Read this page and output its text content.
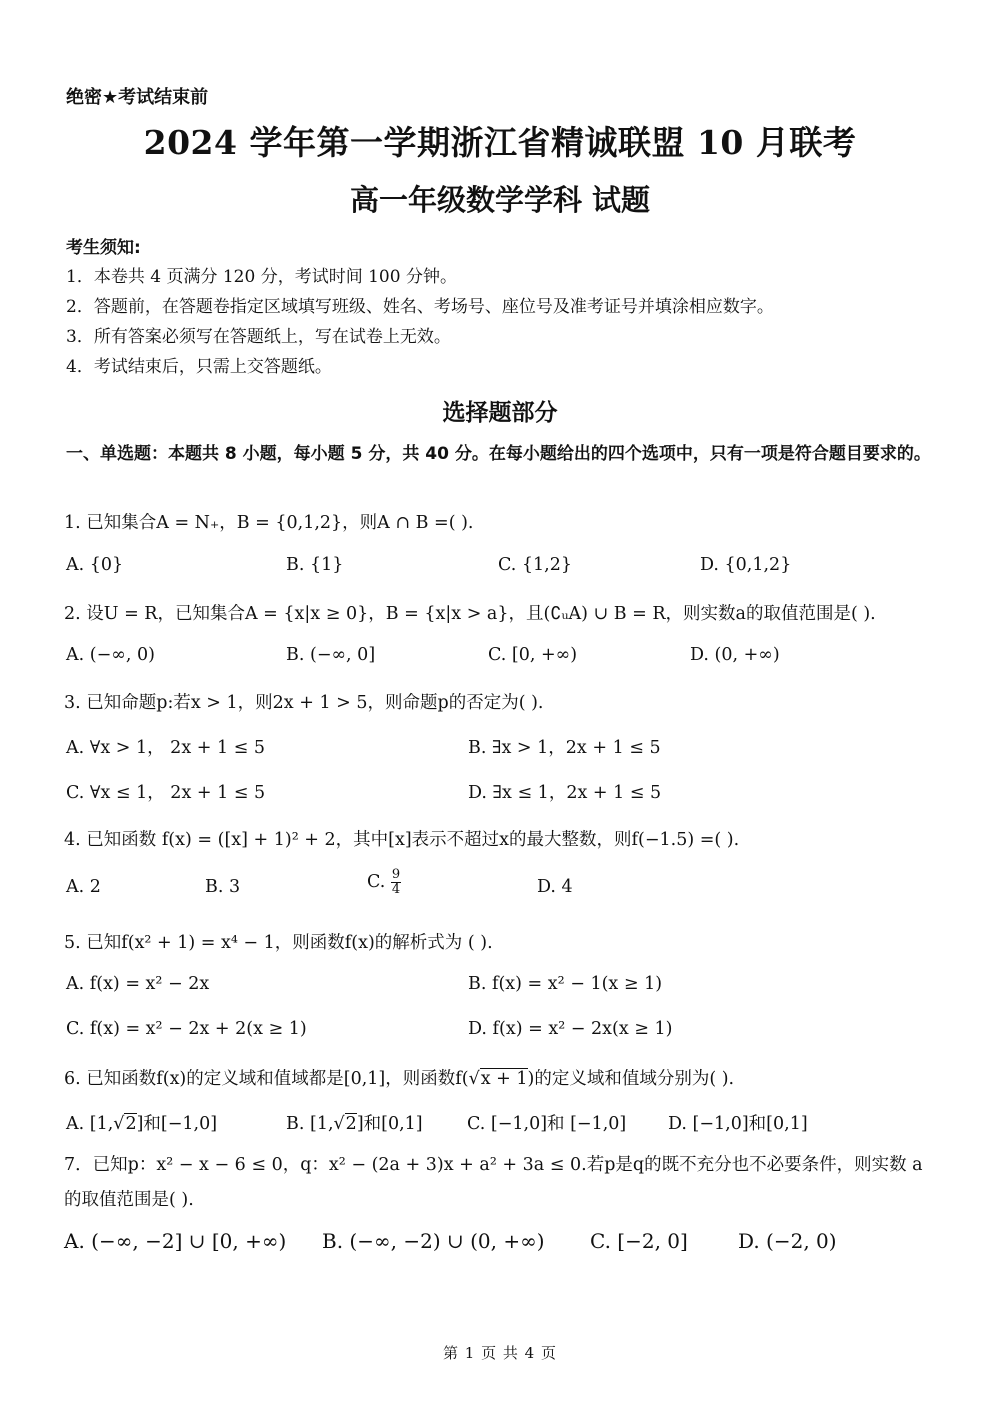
绝密★考试结束前
2024 学年第一学期浙江省精诚联盟 10 月联考
高一年级数学学科 试题
考生须知:
1．本卷共 4 页满分 120 分，考试时间 100 分钟。
2．答题前，在答题卷指定区域填写班级、姓名、考场号、座位号及准考证号并填涂相应数字。
3．所有答案必须写在答题纸上，写在试卷上无效。
4．考试结束后，只需上交答题纸。
选择题部分
一、单选题：本题共 8 小题，每小题 5 分，共 40 分。在每小题给出的四个选项中，只有一项是符合题目要求的。
1. 已知集合A = N₊，B = {0,1,2}，则A ∩ B =( ).
A. {0}	B. {1}	C. {1,2}	D. {0,1,2}
2. 设U = R，已知集合A = {x|x ≥ 0}，B = {x|x > a}，且(∁ᵤA) ∪ B = R，则实数a的取值范围是( ).
A. (−∞, 0)	B. (−∞, 0]	C. [0, +∞)	D. (0, +∞)
3. 已知命题p:若x > 1，则2x + 1 > 5，则命题p的否定为( ).
A. ∀x > 1， 2x + 1 ≤ 5	B. ∃x > 1，2x + 1 ≤ 5
C. ∀x ≤ 1， 2x + 1 ≤ 5	D. ∃x ≤ 1，2x + 1 ≤ 5
4. 已知函数 f(x) = ([x] + 1)² + 2，其中[x]表示不超过x的最大整数，则f(−1.5) =( ).
A. 2	B. 3	C. $\frac{9}{4}$	D. 4
5. 已知f(x² + 1) = x⁴ − 1，则函数f(x)的解析式为 ( ).
A. f(x) = x² − 2x	B. f(x) = x² − 1(x ≥ 1)
C. f(x) = x² − 2x + 2(x ≥ 1)	D. f(x) = x² − 2x(x ≥ 1)
6. 已知函数f(x)的定义域和值域都是[0,1]，则函数f(√x + 1)的定义域和值域分别为( ).
A. [1,√2]和[−1,0]	B. [1,√2]和[0,1]	C. [−1,0]和 [−1,0] D. [−1,0]和[0,1]
7．已知p：x² − x − 6 ≤ 0，q：x² − (2a + 3)x + a² + 3a ≤ 0.若p是q的既不充分也不必要条件，则实数 a 的取值范围是( ).
A. (−∞, −2] ∪ [0, +∞) B. (−∞, −2) ∪ (0, +∞) C. [−2, 0]	D. (−2, 0)
第 1 页 共 4 页
